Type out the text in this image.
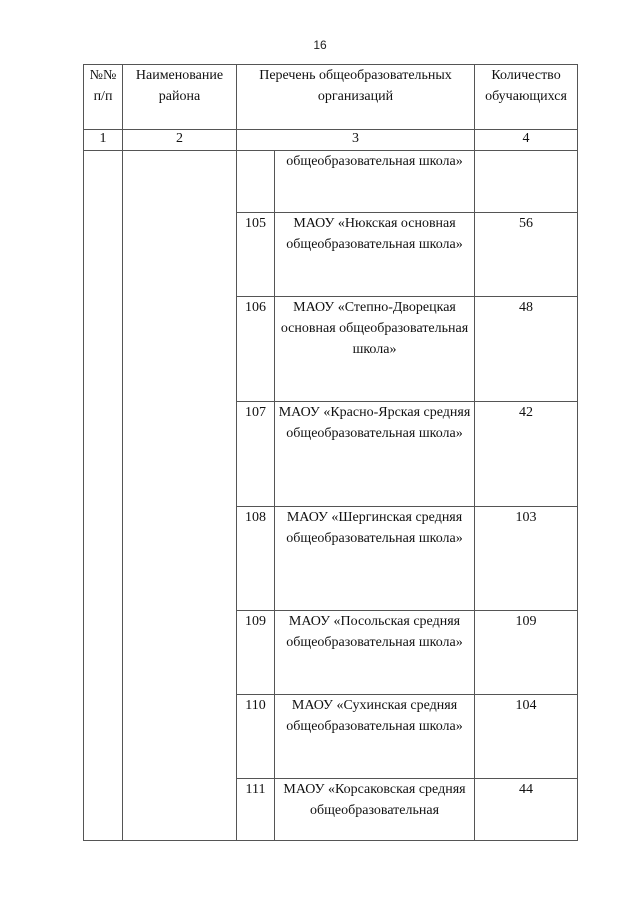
16
№№ п/п	Наименование района	Перечень общеобразовательных организаций		Количество обучающихся
1	2	3		4
			общеобразовательная школа»	
		105	МАОУ «Нюкская основная общеобразовательная школа»	56
		106	МАОУ «Степно-Дворецкая основная общеобразовательная школа»	48
		107	МАОУ «Красно-Ярская средняя общеобразовательная школа»	42
		108	МАОУ «Шергинская средняя общеобразовательная школа»	103
		109	МАОУ «Посольская средняя общеобразовательная школа»	109
		110	МАОУ «Сухинская средняя общеобразовательная школа»	104
		111	МАОУ «Корсаковская средняя общеобразовательная	44
